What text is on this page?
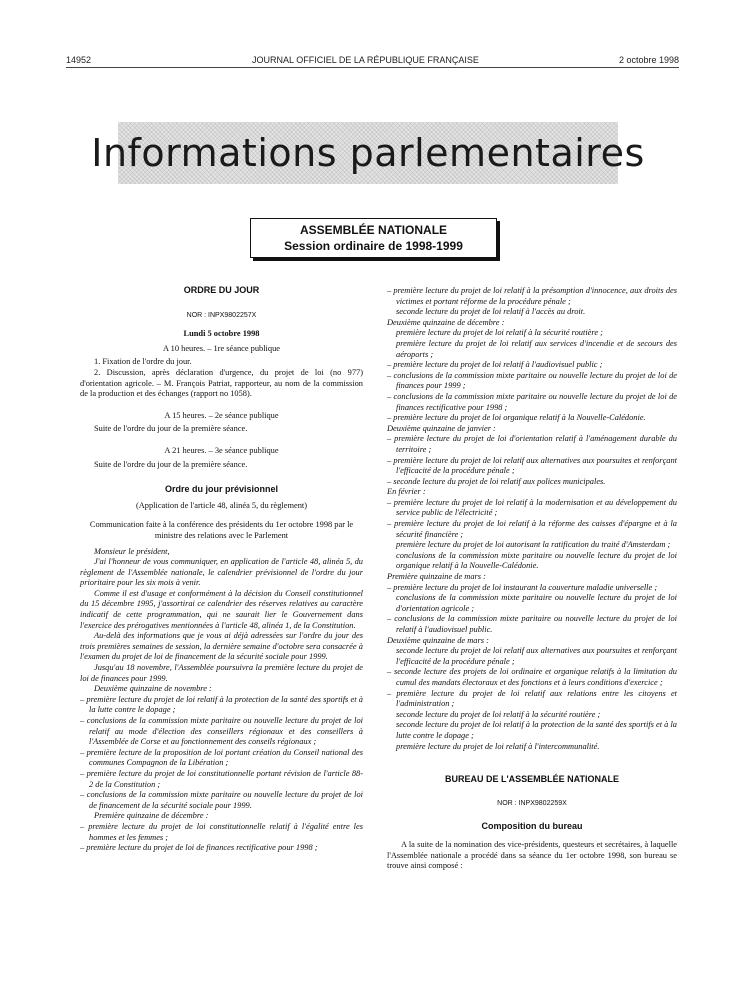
14952	JOURNAL OFFICIEL DE LA RÉPUBLIQUE FRANÇAISE	2 octobre 1998
Informations parlementaires
ASSEMBLÉE NATIONALE
Session ordinaire de 1998-1999

ORDRE DU JOUR

NOR : INPX9802257X

Lundi 5 octobre 1998

A 10 heures. – 1re séance publique

1. Fixation de l'ordre du jour.

2. Discussion, après déclaration d'urgence, du projet de loi (no 977) d'orientation agricole. – M. François Patriat, rapporteur, au nom de la commission de la production et des échanges (rapport no 1058).

A 15 heures. – 2e séance publique

Suite de l'ordre du jour de la première séance.

A 21 heures. – 3e séance publique

Suite de l'ordre du jour de la première séance.

Ordre du jour prévisionnel

(Application de l'article 48, alinéa 5, du règlement)

Communication faite à la conférence des présidents du 1er octobre 1998 par le ministre des relations avec le Parlement

Monsieur le président,

J'ai l'honneur de vous communiquer, en application de l'article 48, alinéa 5, du règlement de l'Assemblée nationale, le calendrier prévisionnel de l'ordre du jour prioritaire pour les six mois à venir.

Comme il est d'usage et conformément à la décision du Conseil constitutionnel du 15 décembre 1995, j'assortirai ce calendrier des réserves relatives au caractère indicatif de cette programmation, qui ne saurait lier le Gouvernement dans l'exercice des prérogatives mentionnées à l'article 48, alinéa 1, de la Constitution.

Au-delà des informations que je vous ai déjà adressées sur l'ordre du jour des trois premières semaines de session, la dernière semaine d'octobre sera consacrée à l'examen du projet de loi de financement de la sécurité sociale pour 1999.

Jusqu'au 18 novembre, l'Assemblée poursuivra la première lecture du projet de loi de finances pour 1999.

Deuxième quinzaine de novembre :

– première lecture du projet de loi relatif à la protection de la santé des sportifs et à la lutte contre le dopage ;

– conclusions de la commission mixte paritaire ou nouvelle lecture du projet de loi relatif au mode d'élection des conseillers régionaux et des conseillers à l'Assemblée de Corse et au fonctionnement des conseils régionaux ;

– première lecture de la proposition de loi portant création du Conseil national des communes Compagnon de la Libération ;

– première lecture du projet de loi constitutionnelle portant révision de l'article 88-2 de la Constitution ;

– conclusions de la commission mixte paritaire ou nouvelle lecture du projet de loi de financement de la sécurité sociale pour 1999.

Première quinzaine de décembre :

– première lecture du projet de loi constitutionnelle relatif à l'égalité entre les hommes et les femmes ;

– première lecture du projet de loi de finances rectificative pour 1998 ;

– première lecture du projet de loi relatif à la présomption d'innocence, aux droits des victimes et portant réforme de la procédure pénale ;

seconde lecture du projet de loi relatif à l'accès au droit.

Deuxième quinzaine de décembre :

première lecture du projet de loi relatif à la sécurité routière ;

première lecture du projet de loi relatif aux services d'incendie et de secours des aéroports ;

– première lecture du projet de loi relatif à l'audiovisuel public ;

– conclusions de la commission mixte paritaire ou nouvelle lecture du projet de loi de finances pour 1999 ;

– conclusions de la commission mixte paritaire ou nouvelle lecture du projet de loi de finances rectificative pour 1998 ;

– première lecture du projet de loi organique relatif à la Nouvelle-Calédonie.

Deuxième quinzaine de janvier :

– première lecture du projet de loi d'orientation relatif à l'aménagement durable du territoire ;

– première lecture du projet de loi relatif aux alternatives aux poursuites et renforçant l'efficacité de la procédure pénale ;

– seconde lecture du projet de loi relatif aux polices municipales.

En février :

– première lecture du projet de loi relatif à la modernisation et au développement du service public de l'électricité ;

– première lecture du projet de loi relatif à la réforme des caisses d'épargne et à la sécurité financière ;

première lecture du projet de loi autorisant la ratification du traité d'Amsterdam ;

conclusions de la commission mixte paritaire ou nouvelle lecture du projet de loi organique relatif à la Nouvelle-Calédonie.

Première quinzaine de mars :

– première lecture du projet de loi instaurant la couverture maladie universelle ;

conclusions de la commission mixte paritaire ou nouvelle lecture du projet de loi d'orientation agricole ;

– conclusions de la commission mixte paritaire ou nouvelle lecture du projet de loi relatif à l'audiovisuel public.

Deuxième quinzaine de mars :

seconde lecture du projet de loi relatif aux alternatives aux poursuites et renforçant l'efficacité de la procédure pénale ;

– seconde lecture des projets de loi ordinaire et organique relatifs à la limitation du cumul des mandats électoraux et des fonctions et à leurs conditions d'exercice ;

– première lecture du projet de loi relatif aux relations entre les citoyens et l'administration ;

seconde lecture du projet de loi relatif à la sécurité routière ;

seconde lecture du projet de loi relatif à la protection de la santé des sportifs et à la lutte contre le dopage ;

première lecture du projet de loi relatif à l'intercommunalité.

BUREAU DE L'ASSEMBLÉE NATIONALE

NOR : INPX9802259X

Composition du bureau

A la suite de la nomination des vice-présidents, questeurs et secrétaires, à laquelle l'Assemblée nationale a procédé dans sa séance du 1er octobre 1998, son bureau se trouve ainsi composé :
